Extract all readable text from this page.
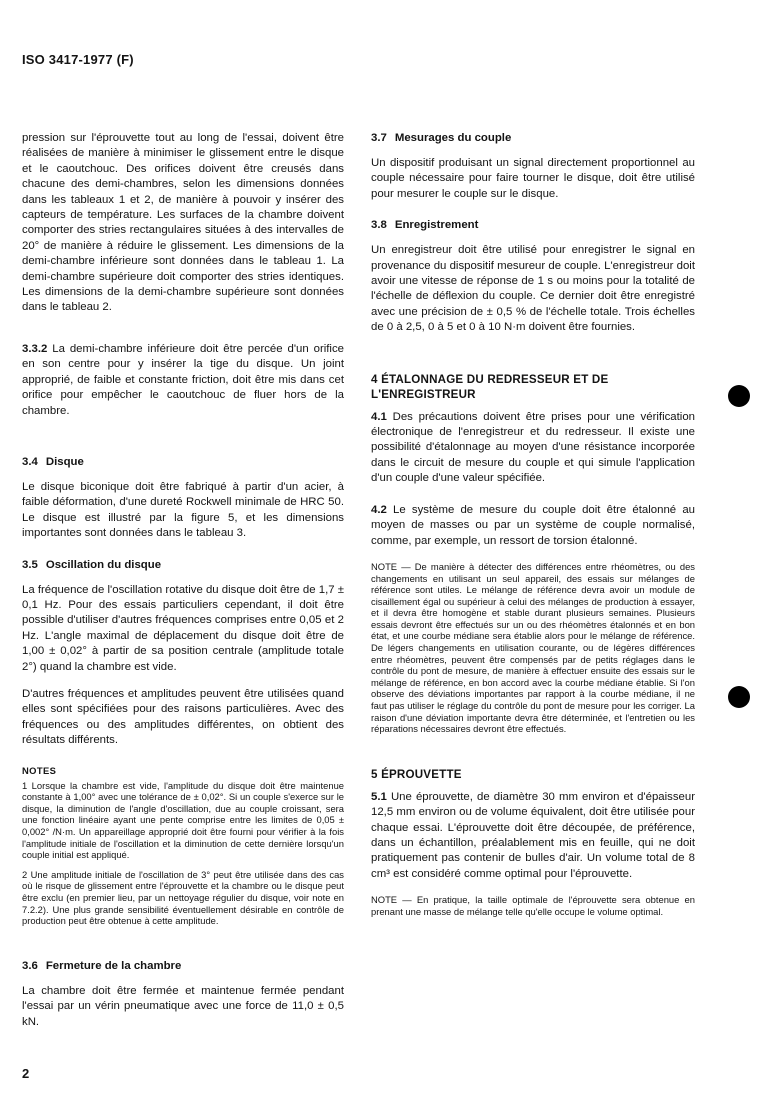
ISO 3417-1977 (F)

pression sur l'éprouvette tout au long de l'essai, doivent être réalisées de manière à minimiser le glissement entre le disque et le caoutchouc. Des orifices doivent être creusés dans chacune des demi-chambres, selon les dimensions données dans les tableaux 1 et 2, de manière à pouvoir y insérer des capteurs de température. Les surfaces de la chambre doivent comporter des stries rectangulaires situées à des intervalles de 20° de manière à réduire le glissement. Les dimensions de la demi-chambre inférieure sont données dans le tableau 1. La demi-chambre supérieure doit comporter des stries identiques. Les dimensions de la demi-chambre supérieure sont données dans le tableau 2.

3.3.2 La demi-chambre inférieure doit être percée d'un orifice en son centre pour y insérer la tige du disque. Un joint approprié, de faible et constante friction, doit être mis dans cet orifice pour empêcher le caoutchouc de fluer hors de la chambre.

3.4 Disque

Le disque biconique doit être fabriqué à partir d'un acier, à faible déformation, d'une dureté Rockwell minimale de HRC 50. Le disque est illustré par la figure 5, et les dimensions importantes sont données dans le tableau 3.

3.5 Oscillation du disque

La fréquence de l'oscillation rotative du disque doit être de 1,7 ± 0,1 Hz. Pour des essais particuliers cependant, il doit être possible d'utiliser d'autres fréquences comprises entre 0,05 et 2 Hz. L'angle maximal de déplacement du disque doit être de 1,00 ± 0,02° à partir de sa position centrale (amplitude totale 2°) quand la chambre est vide.

D'autres fréquences et amplitudes peuvent être utilisées quand elles sont spécifiées pour des raisons particulières. Avec des fréquences ou des amplitudes différentes, on obtient des résultats différents.

NOTES
1 Lorsque la chambre est vide, l'amplitude du disque doit être maintenue constante à 1,00° avec une tolérance de ± 0,02°. Si un couple s'exerce sur le disque, la diminution de l'angle d'oscillation, due au couple croissant, sera une fonction linéaire ayant une pente comprise entre les limites de 0,05 ± 0,002° /N·m. Un appareillage approprié doit être fourni pour vérifier à la fois l'amplitude initiale de l'oscillation et la diminution de cette dernière lorsqu'un couple initial est appliqué.
2 Une amplitude initiale de l'oscillation de 3° peut être utilisée dans des cas où le risque de glissement entre l'éprouvette et la chambre ou le disque peut être exclu (en premier lieu, par un nettoyage régulier du disque, voir note en 7.2.2). Une plus grande sensibilité éventuellement désirable en contrôle de production peut être obtenue à cette amplitude.
3.6 Fermeture de la chambre

La chambre doit être fermée et maintenue fermée pendant l'essai par un vérin pneumatique avec une force de 11,0 ± 0,5 kN.

3.7 Mesurages du couple

Un dispositif produisant un signal directement proportionnel au couple nécessaire pour faire tourner le disque, doit être utilisé pour mesurer le couple sur le disque.

3.8 Enregistrement

Un enregistreur doit être utilisé pour enregistrer le signal en provenance du dispositif mesureur de couple. L'enregistreur doit avoir une vitesse de réponse de 1 s ou moins pour la totalité de l'échelle de déflexion du couple. Ce dernier doit être enregistré avec une précision de ± 0,5 % de l'échelle totale. Trois échelles de 0 à 2,5, 0 à 5 et 0 à 10 N·m doivent être fournies.

4 ÉTALONNAGE DU REDRESSEUR ET DE L'ENREGISTREUR

4.1 Des précautions doivent être prises pour une vérification électronique de l'enregistreur et du redresseur. Il existe une possibilité d'étalonnage au moyen d'une résistance incorporée dans le circuit de mesure du couple et qui simule l'application d'un couple d'une valeur spécifiée.

4.2 Le système de mesure du couple doit être étalonné au moyen de masses ou par un système de couple normalisé, comme, par exemple, un ressort de torsion étalonné.

NOTE — De manière à détecter des différences entre rhéomètres, ou des changements en utilisant un seul appareil, des essais sur mélanges de référence sont utiles. Le mélange de référence devra avoir un module de cisaillement égal ou supérieur à celui des mélanges de production à essayer, et il devra être homogène et stable durant plusieurs semaines. Plusieurs essais devront être effectués sur un ou des rhéomètres étalonnés et en bon état, et une courbe médiane sera établie alors pour le mélange de référence. De légers changements en utilisation courante, ou de légères différences entre rhéomètres, peuvent être compensés par de petits réglages dans le contrôle du pont de mesure, de manière à effectuer ensuite des essais sur le mélange de référence, en bon accord avec la courbe médiane établie. Si l'on observe des déviations importantes par rapport à la courbe médiane, il ne faut pas utiliser le réglage du contrôle du pont de mesure pour les corriger. La raison d'une déviation importante devra être déterminée, et l'entretien ou les réparations nécessaires devront être effectués.
5 ÉPROUVETTE

5.1 Une éprouvette, de diamètre 30 mm environ et d'épaisseur 12,5 mm environ ou de volume équivalent, doit être utilisée pour chaque essai. L'éprouvette doit être découpée, de préférence, dans un échantillon, préalablement mis en feuille, qui ne doit pratiquement pas contenir de bulles d'air. Un volume total de 8 cm³ est considéré comme optimal pour l'éprouvette.

NOTE — En pratique, la taille optimale de l'éprouvette sera obtenue en prenant une masse de mélange telle qu'elle occupe le volume optimal.
2
